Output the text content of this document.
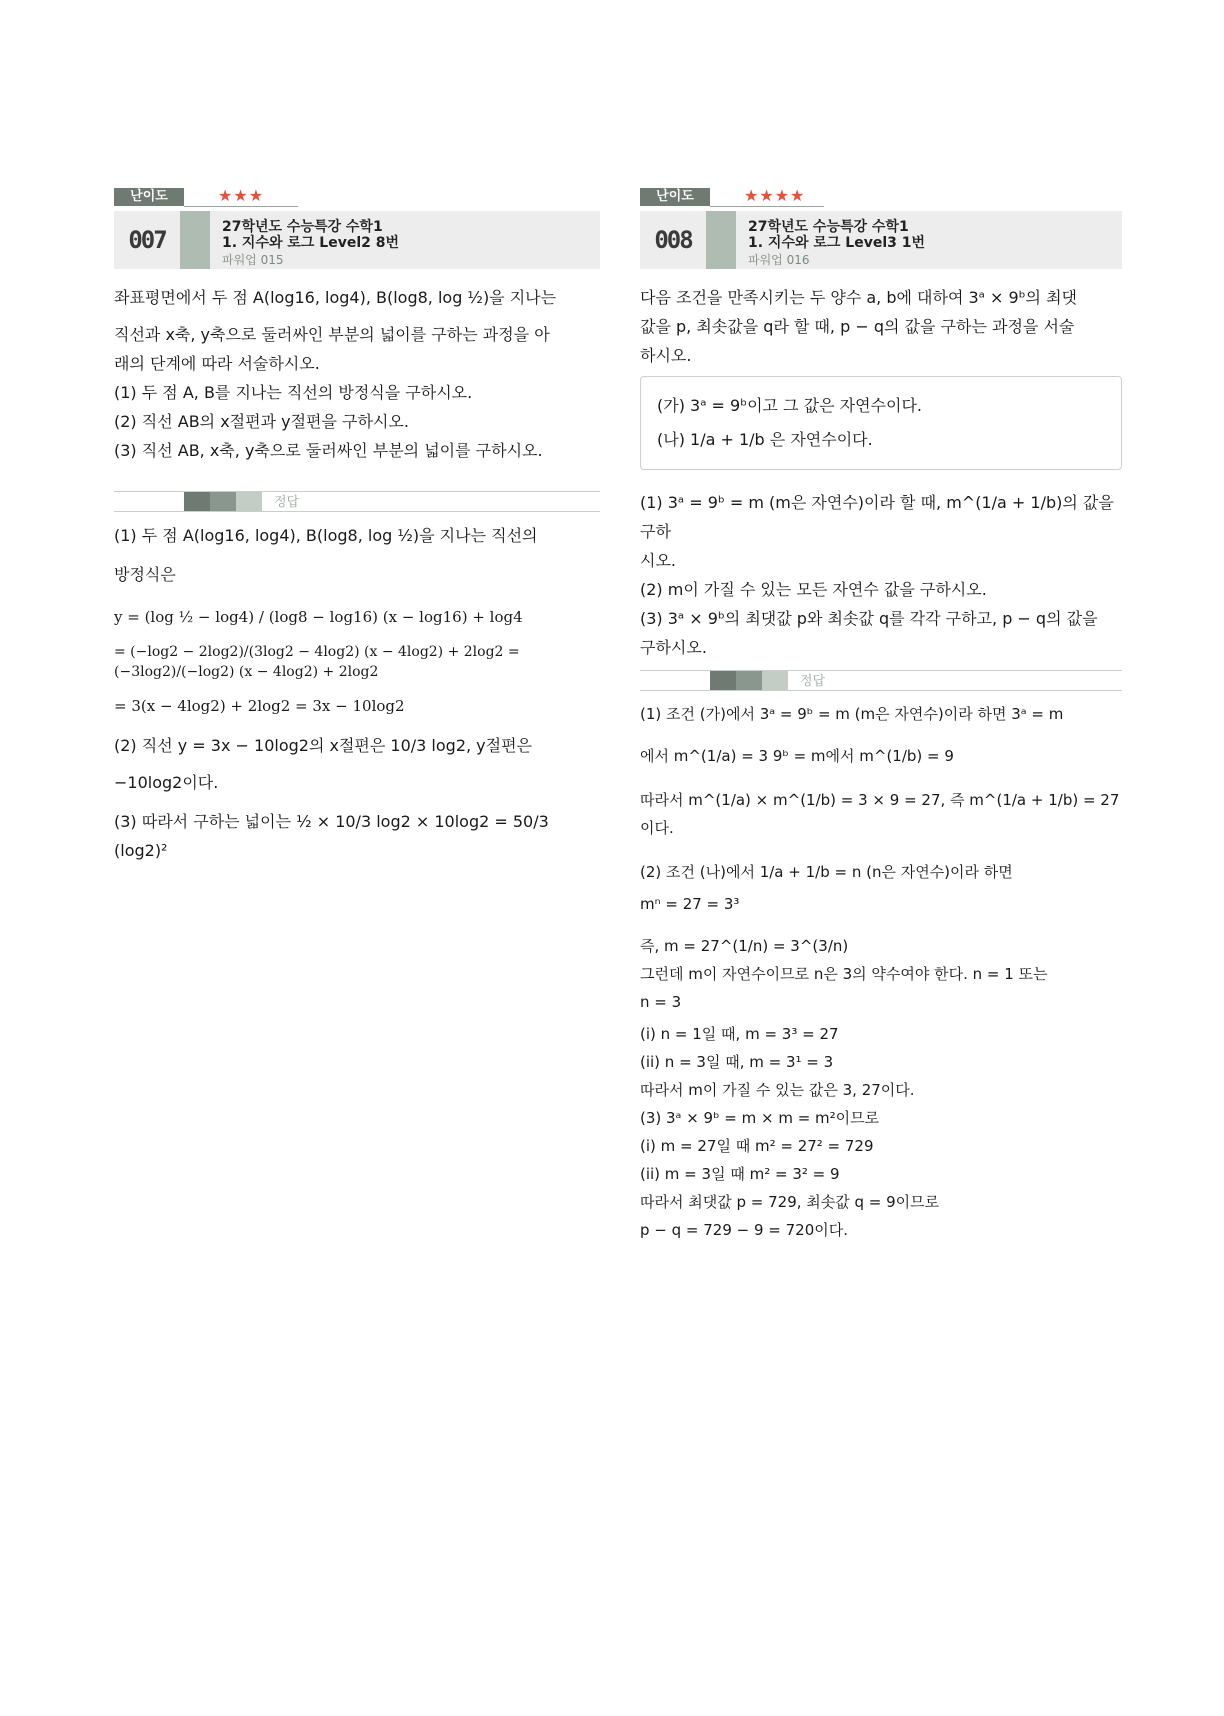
난이도	★★★
007	27학년도 수능특강 수학1
1. 지수와 로그 Level2 8번
파워업 015

좌표평면에서 두 점 A(log16, log4), B(log8, log ½)을 지나는

직선과 x축, y축으로 둘러싸인 부분의 넓이를 구하는 과정을 아

래의 단계에 따라 서술하시오.

(1) 두 점 A, B를 지나는 직선의 방정식을 구하시오.

(2) 직선 AB의 x절편과 y절편을 구하시오.

(3) 직선 AB, x축, y축으로 둘러싸인 부분의 넓이를 구하시오.

정답

(1) 두 점 A(log16, log4), B(log8, log ½)을 지나는 직선의

방정식은

y = (log ½ − log4) / (log8 − log16) (x − log16) + log4

= (−log2 − 2log2)/(3log2 − 4log2) (x − 4log2) + 2log2 = (−3log2)/(−log2) (x − 4log2) + 2log2

= 3(x − 4log2) + 2log2 = 3x − 10log2

(2) 직선 y = 3x − 10log2의 x절편은 10/3 log2, y절편은

−10log2이다.

(3) 따라서 구하는 넓이는 ½ × 10/3 log2 × 10log2 = 50/3 (log2)²

난이도	★★★★
008	27학년도 수능특강 수학1
1. 지수와 로그 Level3 1번
파워업 016

다음 조건을 만족시키는 두 양수 a, b에 대하여 3ᵃ × 9ᵇ의 최댓

값을 p, 최솟값을 q라 할 때, p − q의 값을 구하는 과정을 서술

하시오.

(가) 3ᵃ = 9ᵇ이고 그 값은 자연수이다.
(나) 1/a + 1/b 은 자연수이다.

(1) 3ᵃ = 9ᵇ = m (m은 자연수)이라 할 때, m^(1/a + 1/b)의 값을 구하

시오.

(2) m이 가질 수 있는 모든 자연수 값을 구하시오.

(3) 3ᵃ × 9ᵇ의 최댓값 p와 최솟값 q를 각각 구하고, p − q의 값을

구하시오.

정답

(1) 조건 (가)에서 3ᵃ = 9ᵇ = m (m은 자연수)이라 하면 3ᵃ = m

에서 m^(1/a) = 3 9ᵇ = m에서 m^(1/b) = 9

따라서 m^(1/a) × m^(1/b) = 3 × 9 = 27, 즉 m^(1/a + 1/b) = 27이다.

(2) 조건 (나)에서 1/a + 1/b = n (n은 자연수)이라 하면

mⁿ = 27 = 3³

즉, m = 27^(1/n) = 3^(3/n)

그런데 m이 자연수이므로 n은 3의 약수여야 한다. n = 1 또는

n = 3

(i) n = 1일 때, m = 3³ = 27

(ii) n = 3일 때, m = 3¹ = 3

따라서 m이 가질 수 있는 값은 3, 27이다.

(3) 3ᵃ × 9ᵇ = m × m = m²이므로

(i) m = 27일 때 m² = 27² = 729

(ii) m = 3일 때 m² = 3² = 9

따라서 최댓값 p = 729, 최솟값 q = 9이므로

p − q = 729 − 9 = 720이다.
